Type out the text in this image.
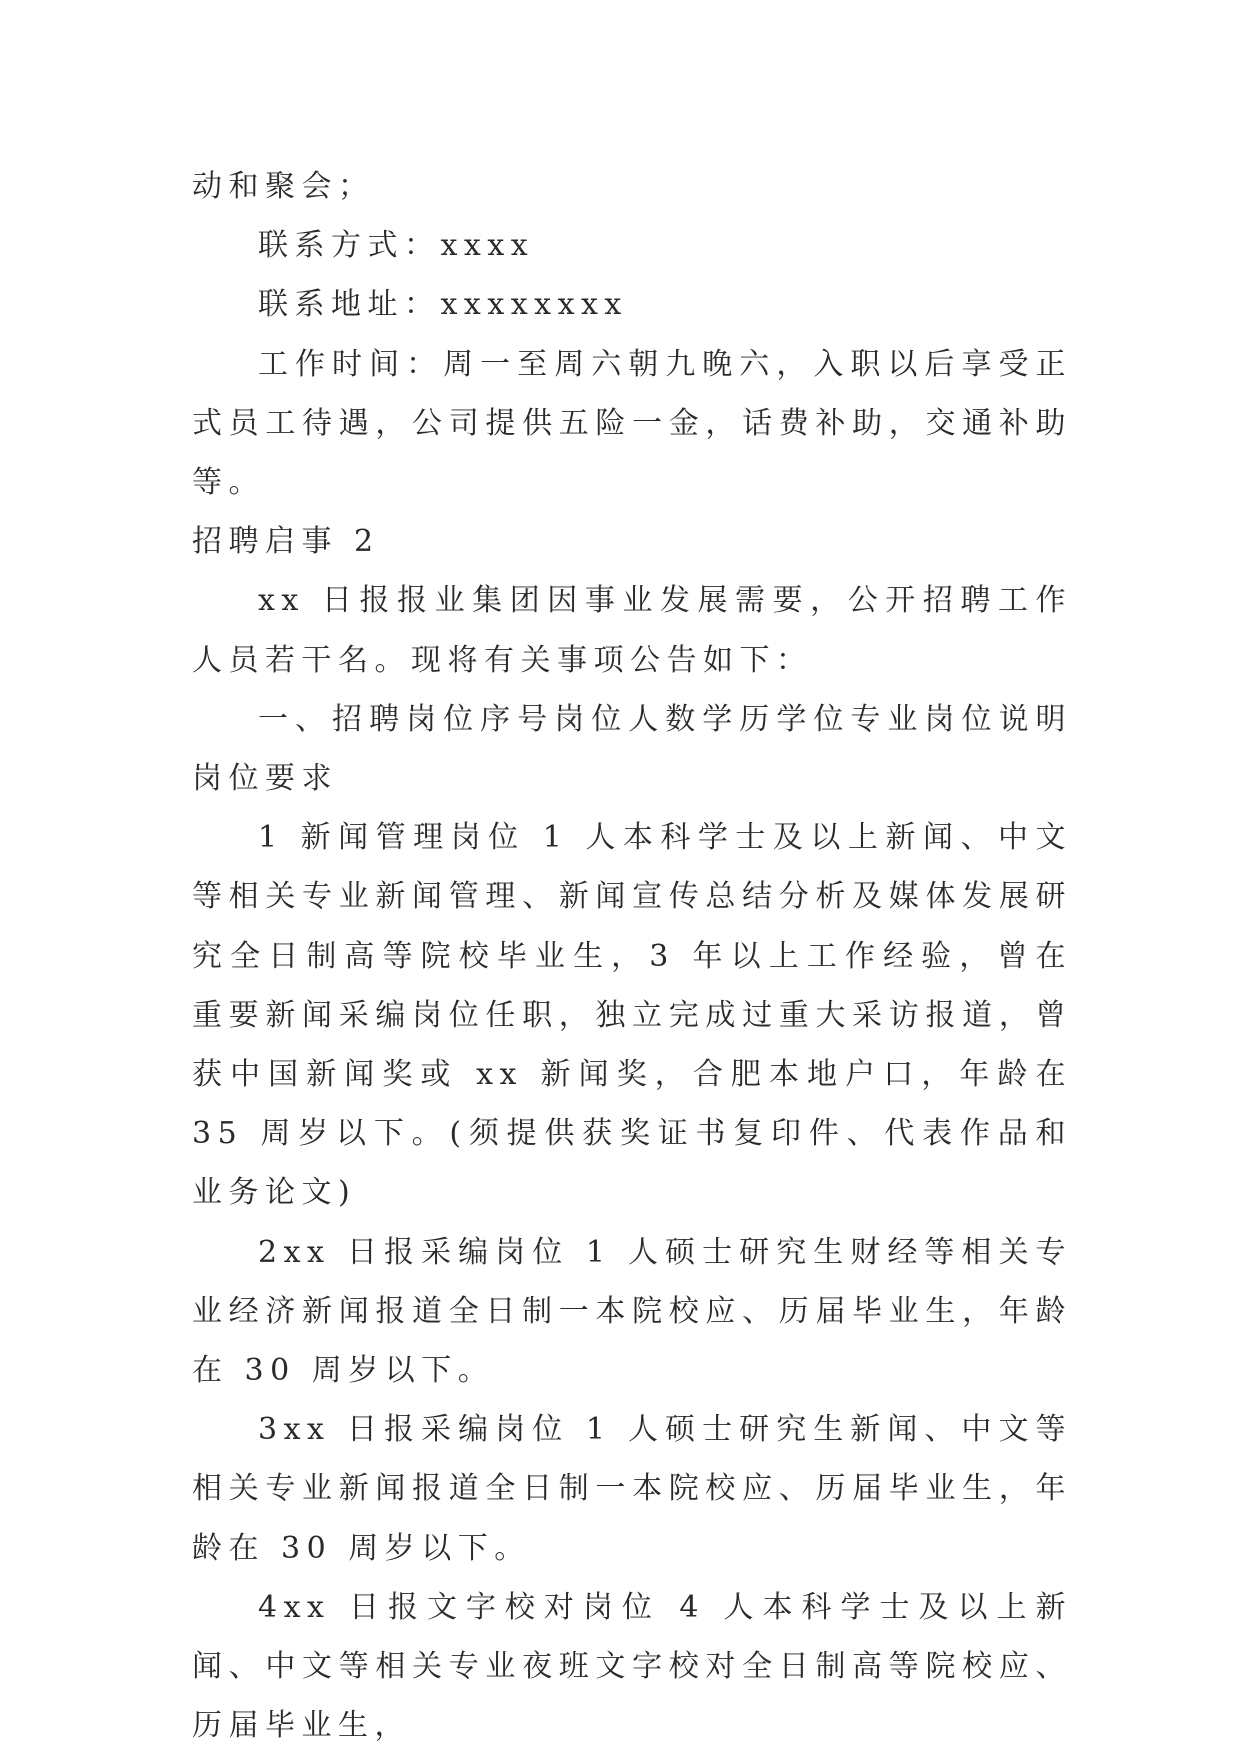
动和聚会；

联系方式：xxxx

联系地址：xxxxxxxx

工作时间：周一至周六朝九晚六，入职以后享受正式员工待遇，公司提供五险一金，话费补助，交通补助等。

招聘启事 2

xx 日报报业集团因事业发展需要，公开招聘工作人员若干名。现将有关事项公告如下：

一、招聘岗位序号岗位人数学历学位专业岗位说明岗位要求

1 新闻管理岗位 1 人本科学士及以上新闻、中文等相关专业新闻管理、新闻宣传总结分析及媒体发展研究全日制高等院校毕业生，3 年以上工作经验，曾在重要新闻采编岗位任职，独立完成过重大采访报道，曾获中国新闻奖或 xx 新闻奖，合肥本地户口，年龄在 35 周岁以下。(须提供获奖证书复印件、代表作品和业务论文)

2xx 日报采编岗位 1 人硕士研究生财经等相关专业经济新闻报道全日制一本院校应、历届毕业生，年龄在 30 周岁以下。

3xx 日报采编岗位 1 人硕士研究生新闻、中文等相关专业新闻报道全日制一本院校应、历届毕业生，年龄在 30 周岁以下。

4xx 日报文字校对岗位 4 人本科学士及以上新闻、中文等相关专业夜班文字校对全日制高等院校应、历届毕业生，
